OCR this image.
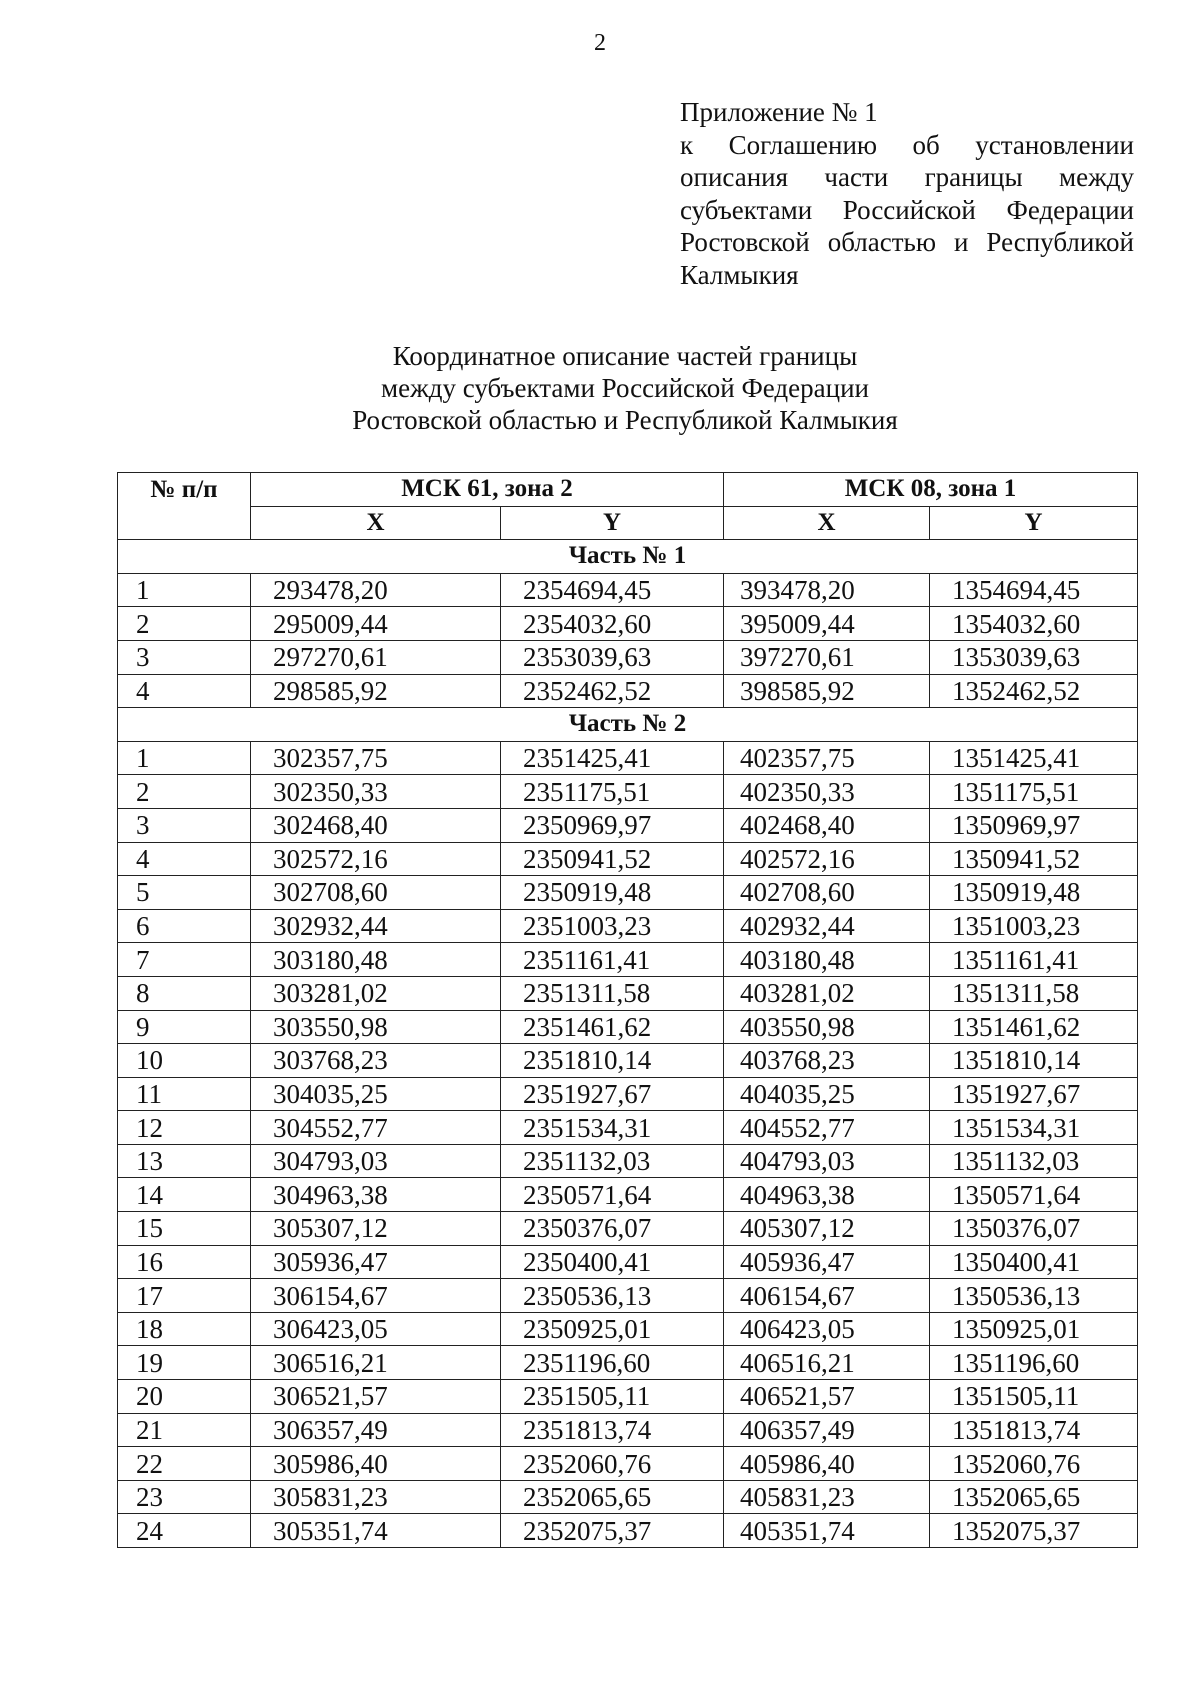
2
Приложение № 1
к Соглашению об установлении описания части границы между субъектами Российской Федерации Ростовской областью и Республикой Калмыкия
Координатное описание частей границы
между субъектами Российской Федерации
Ростовской областью и Республикой Калмыкия
№ п/п	МСК 61, зона 2		МСК 08, зона 1	
	X	Y	X	Y
Часть № 1				
1	293478,20	2354694,45	393478,20	1354694,45
2	295009,44	2354032,60	395009,44	1354032,60
3	297270,61	2353039,63	397270,61	1353039,63
4	298585,92	2352462,52	398585,92	1352462,52
Часть № 2				
1	302357,75	2351425,41	402357,75	1351425,41
2	302350,33	2351175,51	402350,33	1351175,51
3	302468,40	2350969,97	402468,40	1350969,97
4	302572,16	2350941,52	402572,16	1350941,52
5	302708,60	2350919,48	402708,60	1350919,48
6	302932,44	2351003,23	402932,44	1351003,23
7	303180,48	2351161,41	403180,48	1351161,41
8	303281,02	2351311,58	403281,02	1351311,58
9	303550,98	2351461,62	403550,98	1351461,62
10	303768,23	2351810,14	403768,23	1351810,14
11	304035,25	2351927,67	404035,25	1351927,67
12	304552,77	2351534,31	404552,77	1351534,31
13	304793,03	2351132,03	404793,03	1351132,03
14	304963,38	2350571,64	404963,38	1350571,64
15	305307,12	2350376,07	405307,12	1350376,07
16	305936,47	2350400,41	405936,47	1350400,41
17	306154,67	2350536,13	406154,67	1350536,13
18	306423,05	2350925,01	406423,05	1350925,01
19	306516,21	2351196,60	406516,21	1351196,60
20	306521,57	2351505,11	406521,57	1351505,11
21	306357,49	2351813,74	406357,49	1351813,74
22	305986,40	2352060,76	405986,40	1352060,76
23	305831,23	2352065,65	405831,23	1352065,65
24	305351,74	2352075,37	405351,74	1352075,37
